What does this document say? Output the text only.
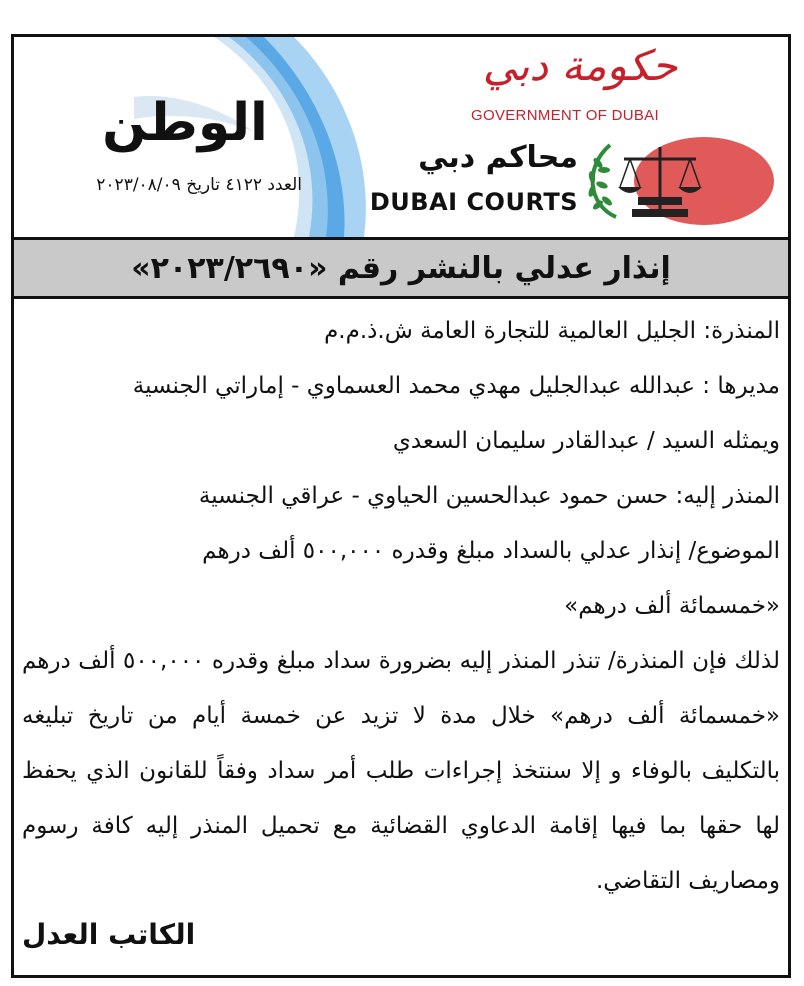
الوطن
العدد ٤١٢٢ تاريخ ٢٠٢٣/٠٨/٠٩
حكومة دبي
GOVERNMENT OF DUBAI
محاكم دبي
DUBAI COURTS
إنذار عدلي بالنشر رقم «٢٠٢٣/٢٦٩٠»

المنذرة: الجليل العالمية للتجارة العامة ش.ذ.م.م

مديرها : عبدالله عبدالجليل مهدي محمد العسماوي - إماراتي الجنسية

ويمثله السيد / عبدالقادر سليمان السعدي

المنذر إليه: حسن حمود عبدالحسين الحياوي - عراقي الجنسية

الموضوع/ إنذار عدلي بالسداد مبلغ وقدره ٥٠٠,٠٠٠ ألف درهم

«خمسمائة ألف درهم»

لذلك فإن المنذرة/ تنذر المنذر إليه بضرورة سداد مبلغ وقدره ٥٠٠,٠٠٠ ألف درهم «خمسمائة ألف درهم» خلال مدة لا تزيد عن خمسة أيام من تاريخ تبليغه بالتكليف بالوفاء و إلا سنتخذ إجراءات طلب أمر سداد وفقاً للقانون الذي يحفظ لها حقها بما فيها إقامة الدعاوي القضائية مع تحميل المنذر إليه كافة رسوم ومصاريف التقاضي.

الكاتب العدل
